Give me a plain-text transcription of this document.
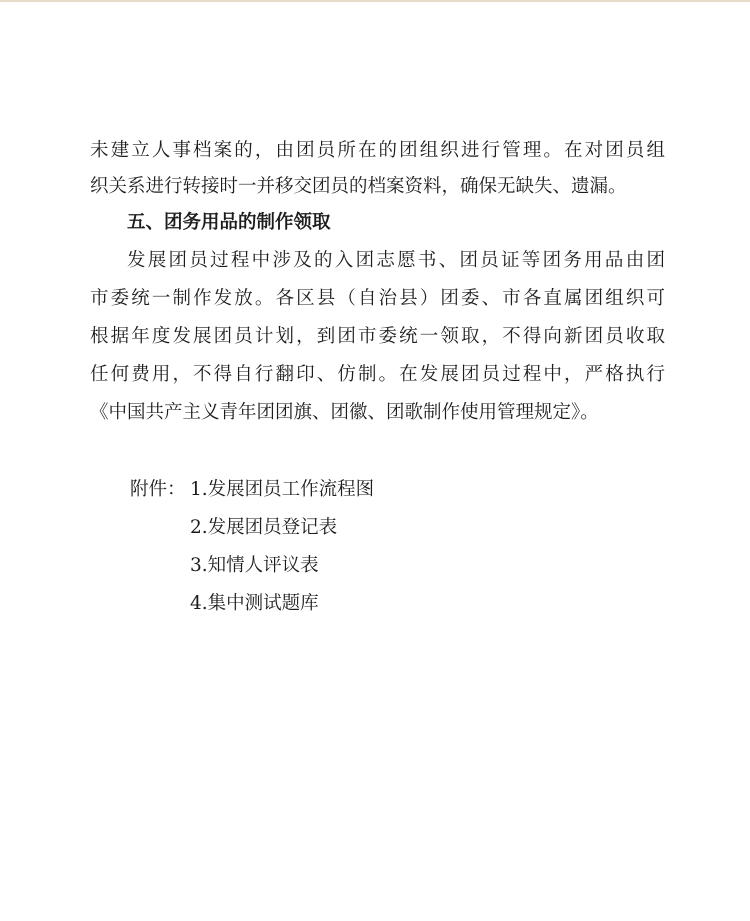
未建立人事档案的，由团员所在的团组织进行管理。在对团员组
织关系进行转接时一并移交团员的档案资料，确保无缺失、遗漏。
五、团务用品的制作领取
发展团员过程中涉及的入团志愿书、团员证等团务用品由团
市委统一制作发放。各区县（自治县）团委、市各直属团组织可
根据年度发展团员计划，到团市委统一领取，不得向新团员收取
任何费用，不得自行翻印、仿制。在发展团员过程中，严格执行
《中国共产主义青年团团旗、团徽、团歌制作使用管理规定》。
附件： 1.发展团员工作流程图
2.发展团员登记表
3.知情人评议表
4.集中测试题库
